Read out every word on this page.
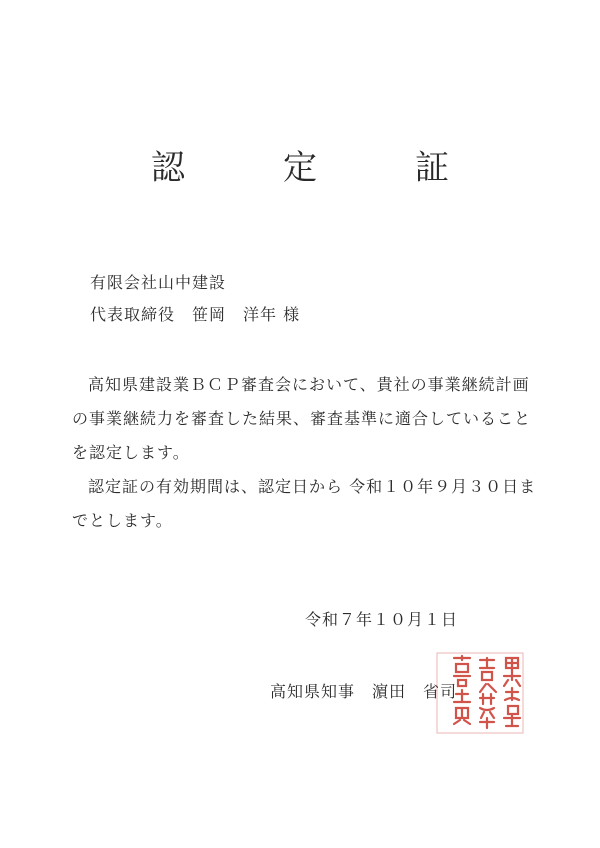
認　定　証
有限会社山中建設
代表取締役　笹岡　洋年 様

高知県建設業ＢＣＰ審査会において、貴社の事業継続計画の事業継続力を審査した結果、審査基準に適合していることを認定します。

認定証の有効期間は、認定日から 令和１０年９月３０日までとします。

令和７年１０月１日
高知県知事　濵田　省司
